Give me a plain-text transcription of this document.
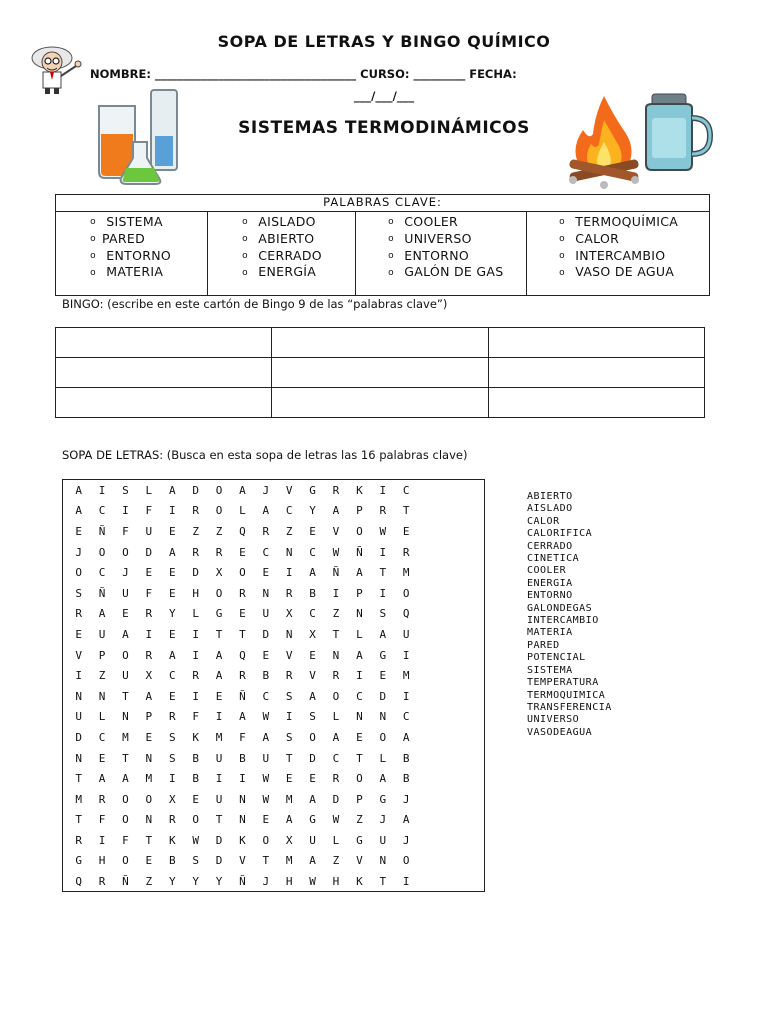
SOPA DE LETRAS Y BINGO QUÍMICO
NOMBRE: ___________________________________ CURSO: _________ FECHA:
___/___/___
SISTEMAS TERMODINÁMICOS
PALABRAS CLAVE:
o SISTEMA
o PARED
o ENTORNO
o MATERIA
o AISLADO
o ABIERTO
o CERRADO
o ENERGÍA
o COOLER
o UNIVERSO
o ENTORNO
o GALÓN DE GAS
o TERMOQUÍMICA
o CALOR
o INTERCAMBIO
o VASO DE AGUA
BINGO: (escribe en este cartón de Bingo 9 de las “palabras clave”)

SOPA DE LETRAS: (Busca en esta sopa de letras las 16 palabras clave)
A	I	S	L	A	D	O	A	J	V	G	R	K	I	C
A	C	I	F	I	R	O	L	A	C	Y	A	P	R	T
E	Ñ	F	U	E	Z	Z	Q	R	Z	E	V	O	W	E
J	O	O	D	A	R	R	E	C	N	C	W	Ñ	I	R
O	C	J	E	E	D	X	O	E	I	A	Ñ	A	T	M
S	Ñ	U	F	E	H	O	R	N	R	B	I	P	I	O
R	A	E	R	Y	L	G	E	U	X	C	Z	N	S	Q
E	U	A	I	E	I	T	T	D	N	X	T	L	A	U
V	P	O	R	A	I	A	Q	E	V	E	N	A	G	I
I	Z	U	X	C	R	A	R	B	R	V	R	I	E	M
N	N	T	A	E	I	E	Ñ	C	S	A	O	C	D	I
U	L	N	P	R	F	I	A	W	I	S	L	N	N	C
D	C	M	E	S	K	M	F	A	S	O	A	E	O	A
N	E	T	N	S	B	U	B	U	T	D	C	T	L	B
T	A	A	M	I	B	I	I	W	E	E	R	O	A	B
M	R	O	O	X	E	U	N	W	M	A	D	P	G	J
T	F	O	N	R	O	T	N	E	A	G	W	Z	J	A
R	I	F	T	K	W	D	K	O	X	U	L	G	U	J
G	H	O	E	B	S	D	V	T	M	A	Z	V	N	O
Q	R	Ñ	Z	Y	Y	Y	Ñ	J	H	W	H	K	T	I
ABIERTO
AISLADO
CALOR
CALORIFICA
CERRADO
CINETICA
COOLER
ENERGIA
ENTORNO
GALONDEGAS
INTERCAMBIO
MATERIA
PARED
POTENCIAL
SISTEMA
TEMPERATURA
TERMOQUIMICA
TRANSFERENCIA
UNIVERSO
VASODEAGUA
